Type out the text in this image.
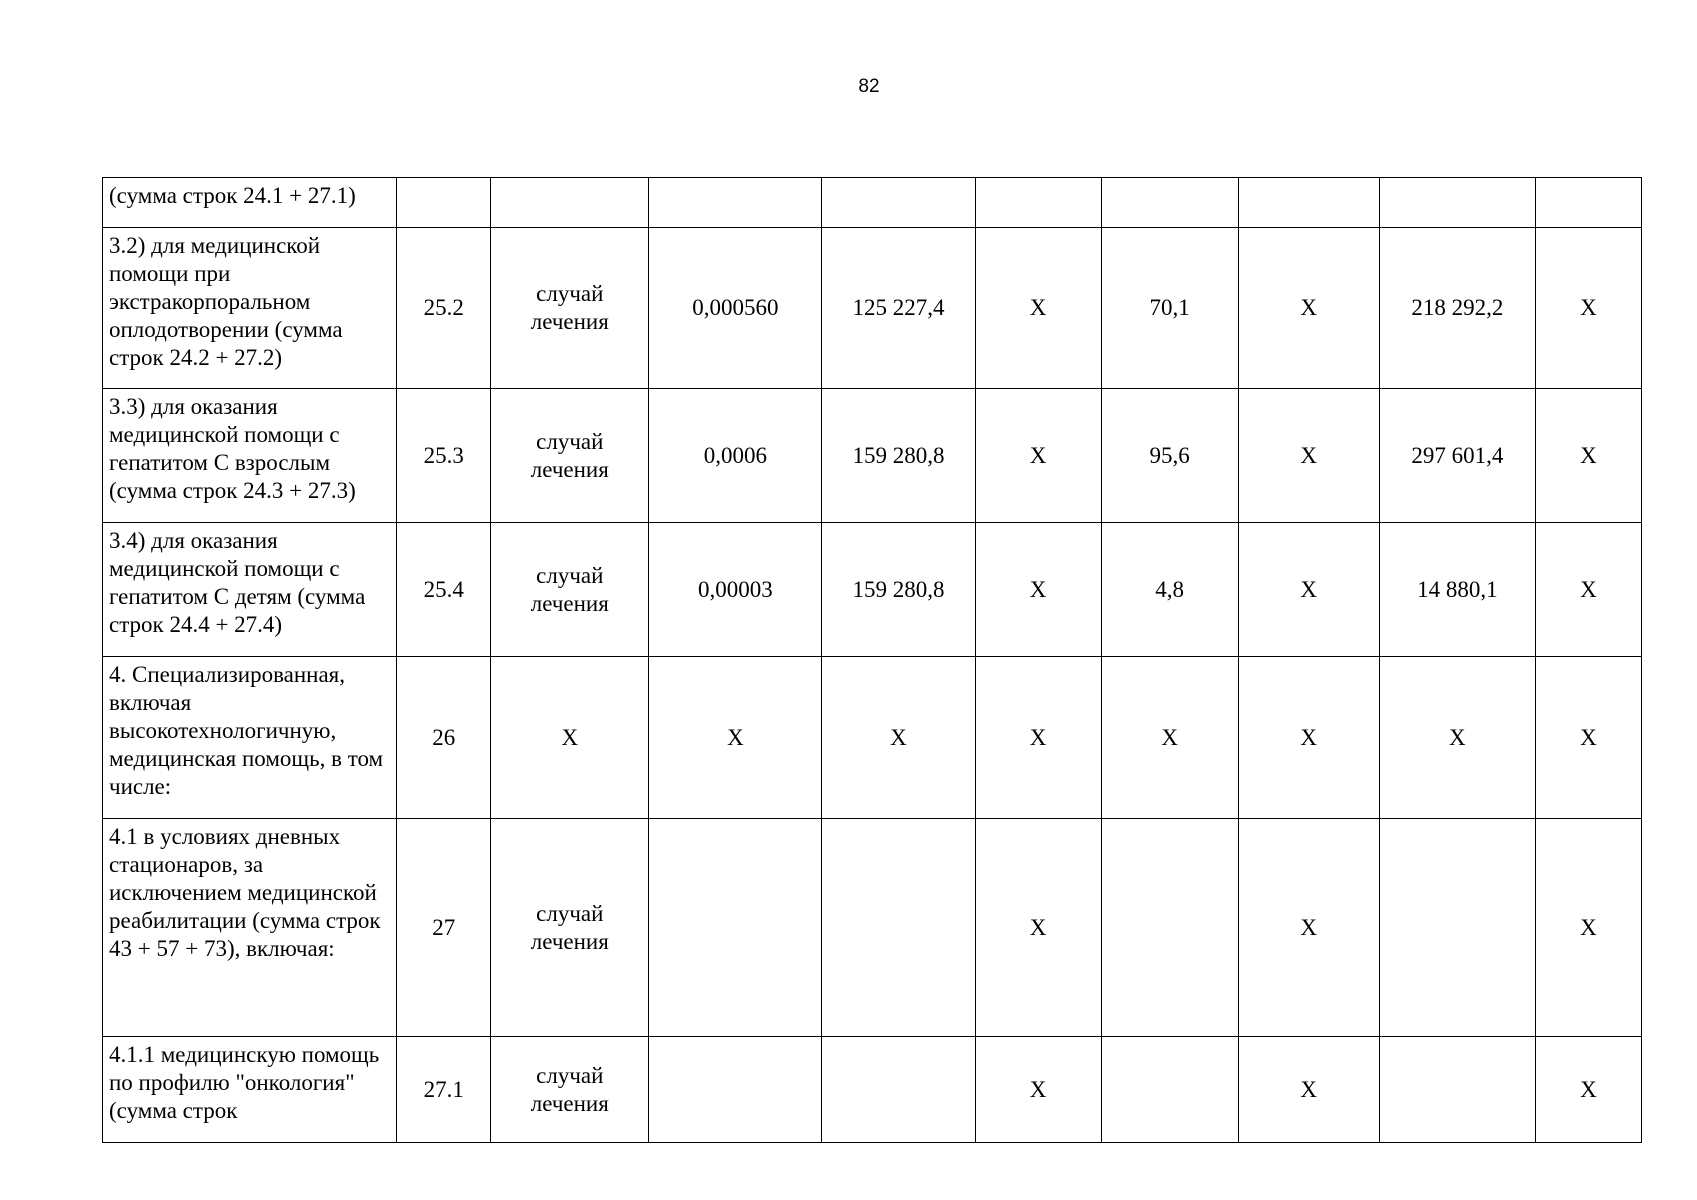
82
(сумма строк 24.1 + 27.1)									
3.2) для медицинской помощи при экстракорпоральном оплодотворении (сумма строк 24.2 + 27.2)	25.2	случай лечения	0,000560	125 227,4	Х	70,1	Х	218 292,2	Х
3.3) для оказания медицинской помощи с гепатитом С взрослым (сумма строк 24.3 + 27.3)	25.3	случай лечения	0,0006	159 280,8	Х	95,6	Х	297 601,4	Х
3.4) для оказания медицинской помощи с гепатитом С детям (сумма строк 24.4 + 27.4)	25.4	случай лечения	0,00003	159 280,8	Х	4,8	Х	14 880,1	Х
4. Специализированная, включая высокотехнологичную, медицинская помощь, в том числе:	26	Х	Х	Х	Х	Х	Х	Х	Х
4.1 в условиях дневных стационаров, за исключением медицинской реабилитации (сумма строк 43 + 57 + 73), включая:	27	случай лечения			Х		Х		Х
4.1.1 медицинскую помощь по профилю "онкология" (сумма строк	27.1	случай лечения			Х		Х		Х
